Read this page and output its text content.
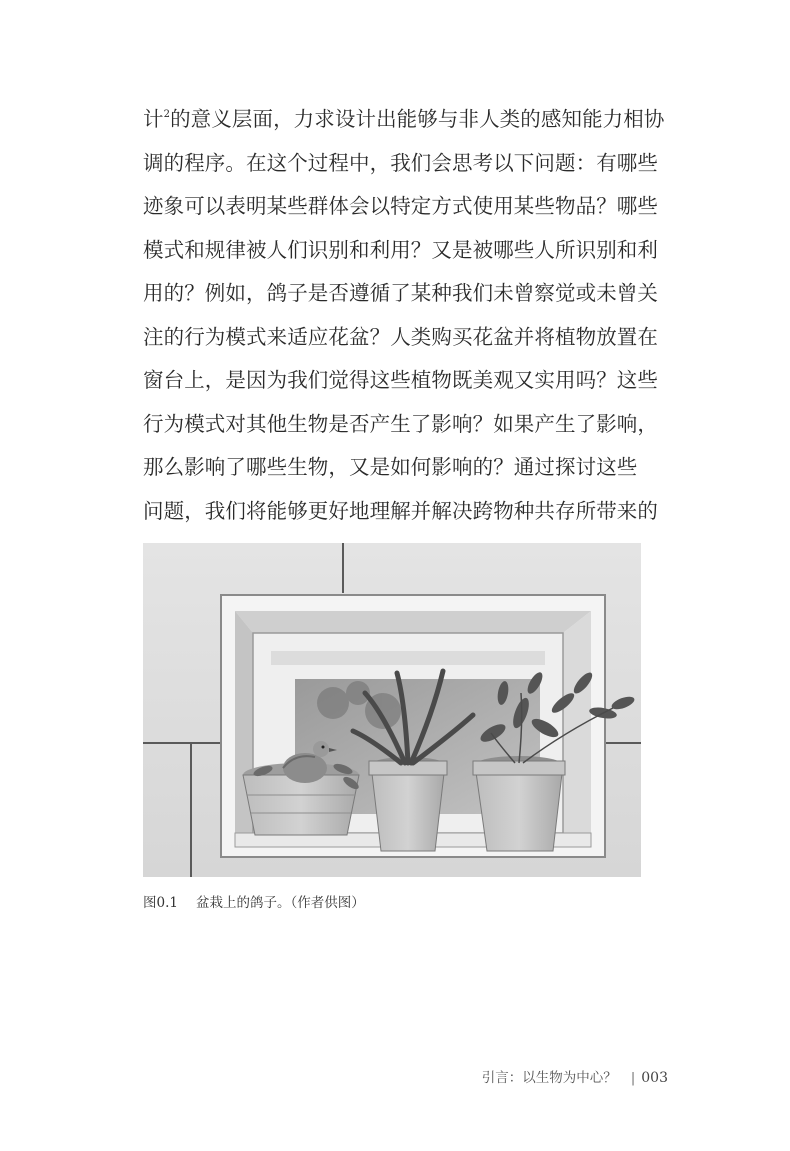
计$^2$的意义层面，力求设计出能够与非人类的感知能力相协
调的程序。在这个过程中，我们会思考以下问题：有哪些
迹象可以表明某些群体会以特定方式使用某些物品？哪些
模式和规律被人们识别和利用？又是被哪些人所识别和利
用的？例如，鸽子是否遵循了某种我们未曾察觉或未曾关
注的行为模式来适应花盆？人类购买花盆并将植物放置在
窗台上，是因为我们觉得这些植物既美观又实用吗？这些
行为模式对其他生物是否产生了影响？如果产生了影响，
那么影响了哪些生物，又是如何影响的？通过探讨这些
问题，我们将能够更好地理解并解决跨物种共存所带来的
图0.1 盆栽上的鸽子。（作者供图）
引言：以生物为中心？ | 003
